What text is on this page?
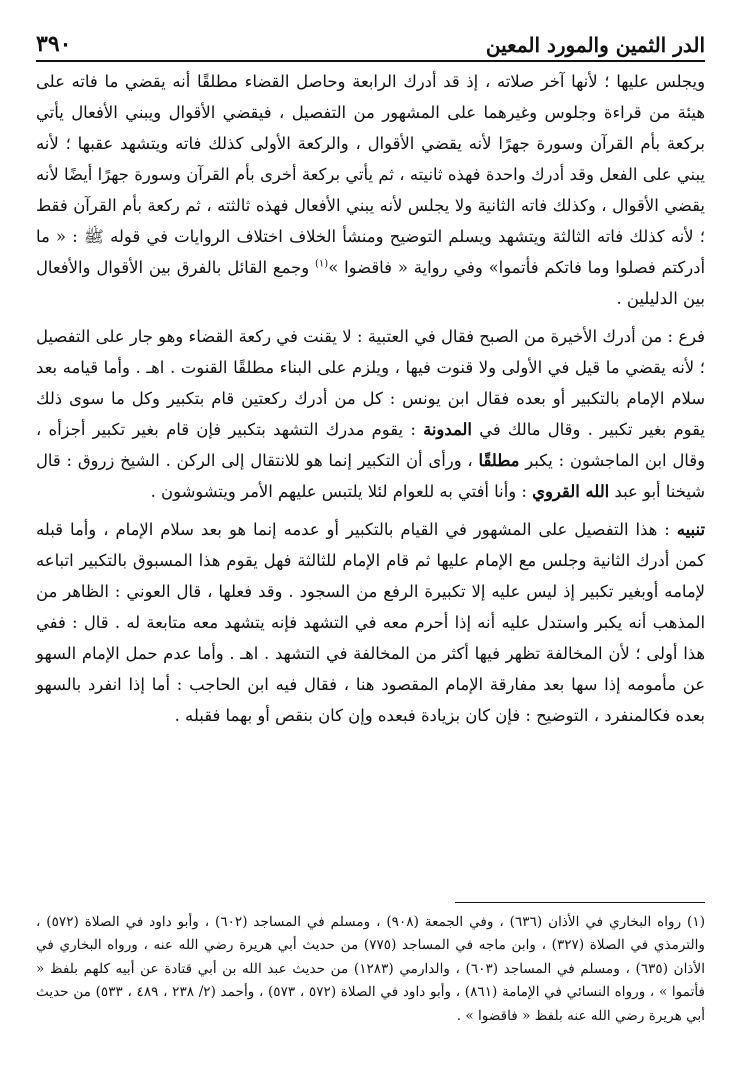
الدر الثمين والمورد المعين
٣٩٠

ويجلس عليها ؛ لأنها آخر صلاته ، إذ قد أدرك الرابعة وحاصل القضاء مطلقًا أنه يقضي ما فاته على هيئة من قراءة وجلوس وغيرهما على المشهور من التفصيل ، فيقضي الأقوال ويبني الأفعال يأتي بركعة بأم القرآن وسورة جهرًا لأنه يقضي الأقوال ، والركعة الأولى كذلك فاته ويتشهد عقبها ؛ لأنه يبني على الفعل وقد أدرك واحدة فهذه ثانيته ، ثم يأتي بركعة أخرى بأم القرآن وسورة جهرًا أيضًا لأنه يقضي الأقوال ، وكذلك فاته الثانية ولا يجلس لأنه يبني الأفعال فهذه ثالثته ، ثم ركعة بأم القرآن فقط ؛ لأنه كذلك فاته الثالثة ويتشهد ويسلم التوضيح ومنشأ الخلاف اختلاف الروايات في قوله ﷺ : « ما أدركتم فصلوا وما فاتكم فأتموا» وفي رواية « فاقضوا »$^{(١)}$ وجمع القائل بالفرق بين الأقوال والأفعال بين الدليلين .

فرع : من أدرك الأخيرة من الصبح فقال في العتبية : لا يقنت في ركعة القضاء وهو جار على التفصيل ؛ لأنه يقضي ما قيل في الأولى ولا قنوت فيها ، ويلزم على البناء مطلقًا القنوت . اهـ . وأما قيامه بعد سلام الإمام بالتكبير أو بعده فقال ابن يونس : كل من أدرك ركعتين قام بتكبير وكل ما سوى ذلك يقوم بغير تكبير . وقال مالك في المدونة : يقوم مدرك التشهد بتكبير فإن قام بغير تكبير أجزأه ، وقال ابن الماجشون : يكبر مطلقًا ، ورأى أن التكبير إنما هو للانتقال إلى الركن . الشيخ زروق : قال شيخنا أبو عبد الله القروي : وأنا أفتي به للعوام لئلا يلتبس عليهم الأمر ويتشوشون .

تنبيه : هذا التفصيل على المشهور في القيام بالتكبير أو عدمه إنما هو بعد سلام الإمام ، وأما قبله كمن أدرك الثانية وجلس مع الإمام عليها ثم قام الإمام للثالثة فهل يقوم هذا المسبوق بالتكبير اتباعه لإمامه أوبغير تكبير إذ ليس عليه إلا تكبيرة الرفع من السجود . وقد فعلها ، قال العوني : الظاهر من المذهب أنه يكبر واستدل عليه أنه إذا أحرم معه في التشهد فإنه يتشهد معه متابعة له . قال : ففي هذا أولى ؛ لأن المخالفة تظهر فيها أكثر من المخالفة في التشهد . اهـ . وأما عدم حمل الإمام السهو عن مأمومه إذا سها بعد مفارقة الإمام المقصود هنا ، فقال فيه ابن الحاجب : أما إذا انفرد بالسهو بعده فكالمنفرد ، التوضيح : فإن كان بزيادة فبعده وإن كان بنقص أو بهما فقبله .

(١) رواه البخاري في الأذان (٦٣٦) ، وفي الجمعة (٩٠٨) ، ومسلم في المساجد (٦٠٢) ، وأبو داود في الصلاة (٥٧٢) ، والترمذي في الصلاة (٣٢٧) ، وابن ماجه في المساجد (٧٧٥) من حديث أبي هريرة رضي الله عنه ، ورواه البخاري في الأذان (٦٣٥) ، ومسلم في المساجد (٦٠٣) ، والدارمي (١٢٨٣) من حديث عبد الله بن أبي قتادة عن أبيه كلهم بلفظ « فأتموا » ، ورواه النسائي في الإمامة (٨٦١) ، وأبو داود في الصلاة (٥٧٢ ، ٥٧٣) ، وأحمد (٢/ ٢٣٨ ، ٤٨٩ ، ٥٣٣) من حديث أبي هريرة رضي الله عنه بلفظ « فاقضوا » .
